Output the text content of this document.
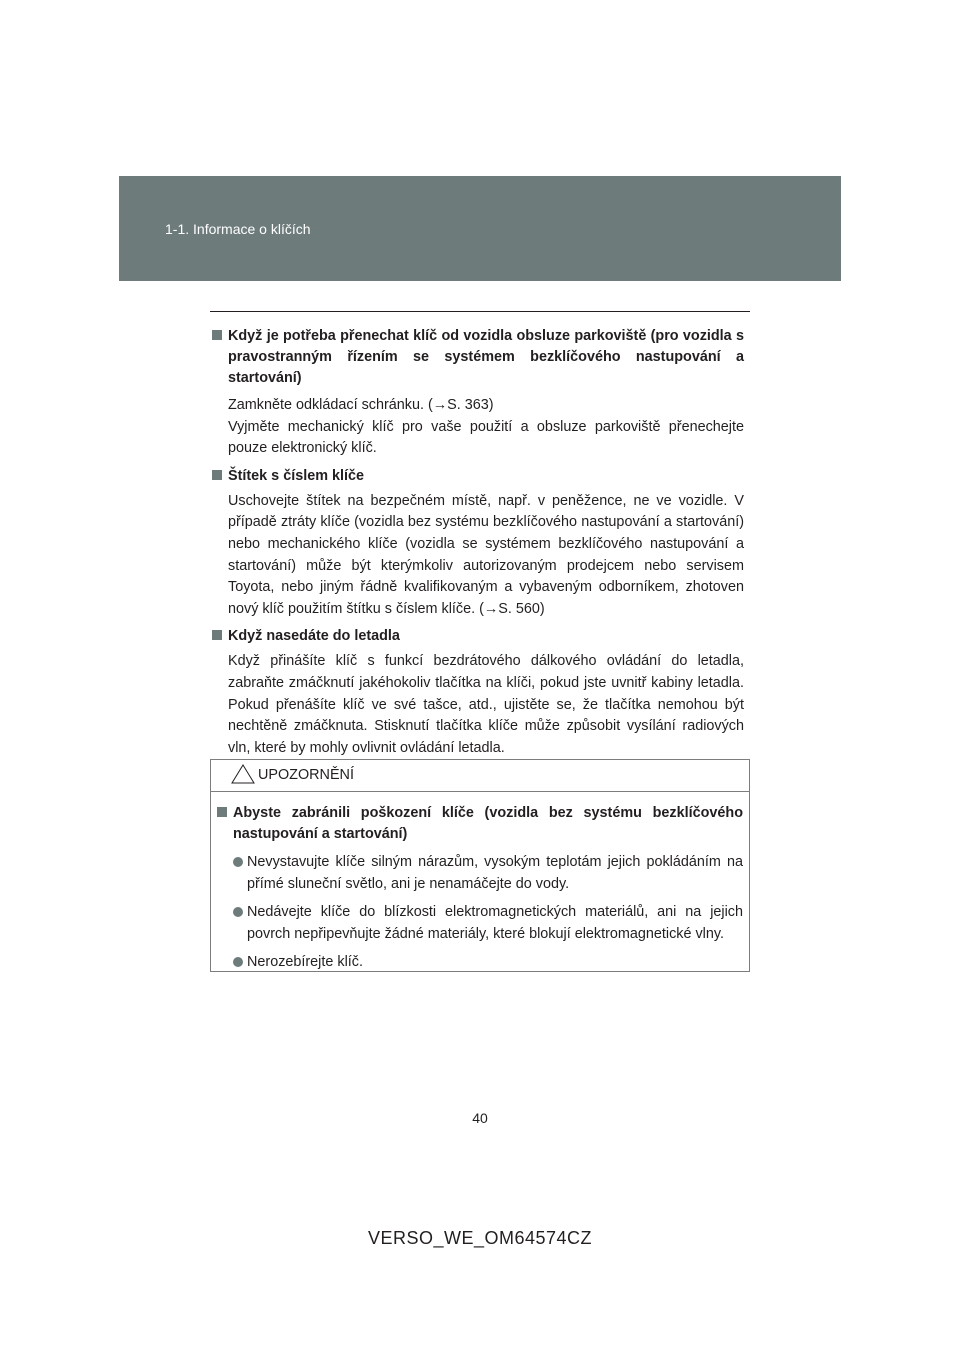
1-1. Informace o klíčích
Když je potřeba přenechat klíč od vozidla obsluze parkoviště (pro vozidla s pravostranným řízením se systémem bezklíčového nastupování a startování)
Zamkněte odkládací schránku. (→S. 363)
Vyjměte mechanický klíč pro vaše použití a obsluze parkoviště přenechejte pouze elektronický klíč.
Štítek s číslem klíče
Uschovejte štítek na bezpečném místě, např. v peněžence, ne ve vozidle. V případě ztráty klíče (vozidla bez systému bezklíčového nastupování a startování) nebo mechanického klíče (vozidla se systémem bezklíčového nastupování a startování) může být kterýmkoliv autorizovaným prodejcem nebo servisem Toyota, nebo jiným řádně kvalifikovaným a vybaveným odborníkem, zhotoven nový klíč použitím štítku s číslem klíče. (→S. 560)
Když nasedáte do letadla
Když přinášíte klíč s funkcí bezdrátového dálkového ovládání do letadla, zabraňte zmáčknutí jakéhokoliv tlačítka na klíči, pokud jste uvnitř kabiny letadla. Pokud přenášíte klíč ve své tašce, atd., ujistěte se, že tlačítka nemohou být nechtěně zmáčknuta. Stisknutí tlačítka klíče může způsobit vysílání radiových vln, které by mohly ovlivnit ovládání letadla.
UPOZORNĚNÍ
Abyste zabránili poškození klíče (vozidla bez systému bezklíčového nastupování a startování)
Nevystavujte klíče silným nárazům, vysokým teplotám jejich pokládáním na přímé sluneční světlo, ani je nenamáčejte do vody.
Nedávejte klíče do blízkosti elektromagnetických materiálů, ani na jejich povrch nepřipevňujte žádné materiály, které blokují elektromagnetické vlny.
Nerozebírejte klíč.
40
VERSO_WE_OM64574CZ
